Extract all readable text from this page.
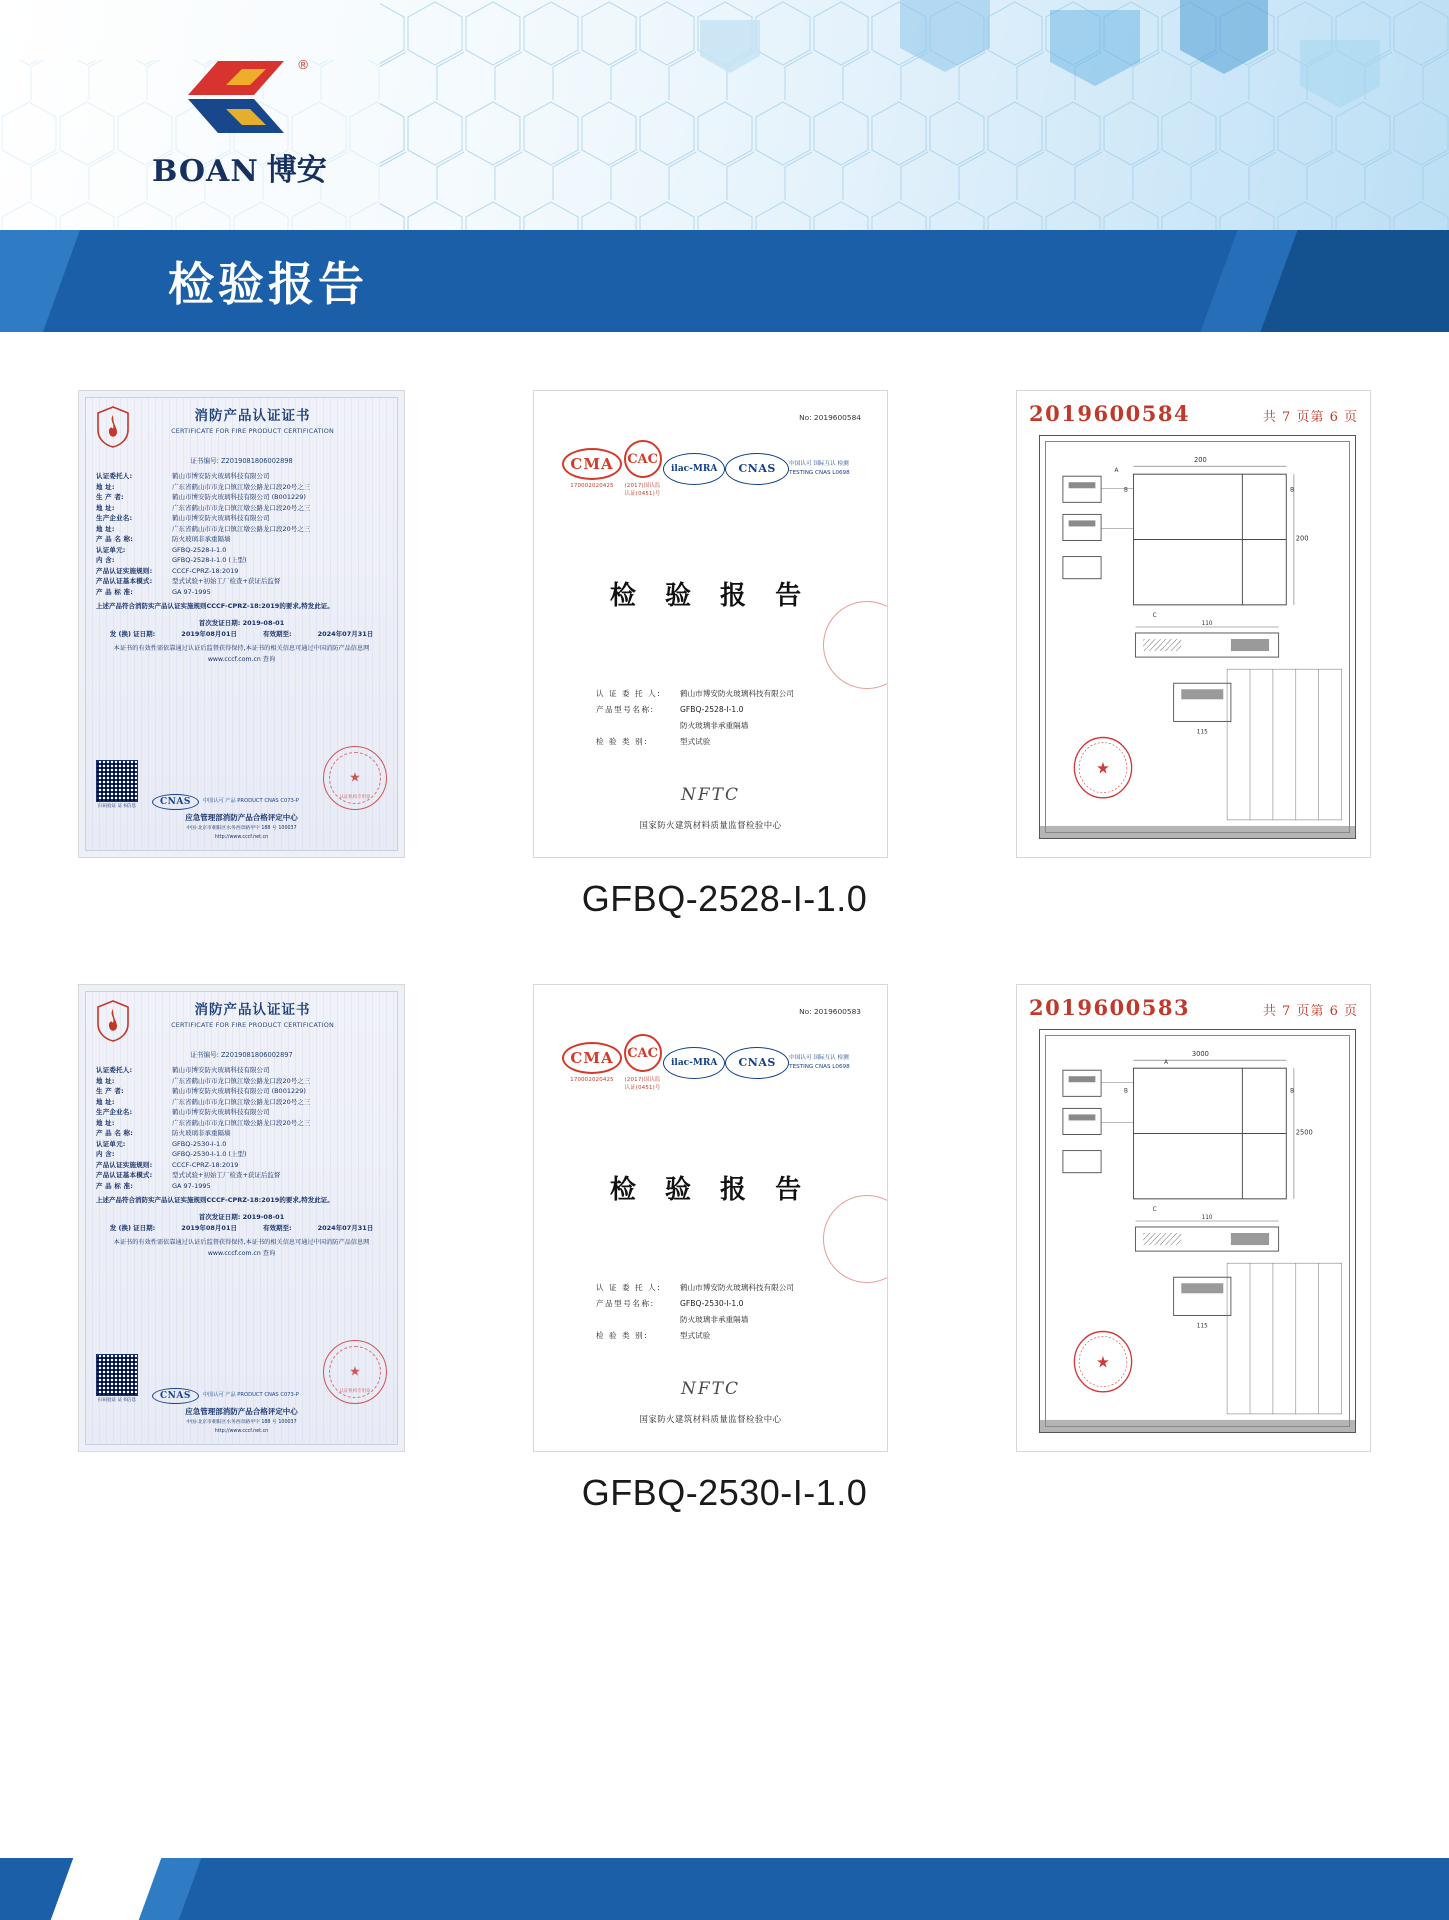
®
BOAN 博安
检验报告
消防产品认证证书
CERTIFICATE FOR FIRE PRODUCT CERTIFICATION
证书编号: Z2019081806002898
认证委托人:	鹤山市博安防火玻璃科技有限公司
地 址:	广东省鹤山市市龙口镇江墩公路龙口段20号之三
生 产 者:	鹤山市博安防火玻璃科技有限公司 (B001229)
地 址:	广东省鹤山市市龙口镇江墩公路龙口段20号之三
生产企业名:	鹤山市博安防火玻璃科技有限公司
地 址:	广东省鹤山市市龙口镇江墩公路龙口段20号之三
产 品 名 称:	防火玻璃非承重隔墙
认证单元:	GFBQ-2528-I-1.0
内 含:	GFBQ-2528-I-1.0 (上型)
产品认证实施规则:	CCCF-CPRZ-18:2019
产品认证基本模式:	型式试验+初始工厂检查+获证后监督
产 品 标 准:	GA 97-1995
上述产品符合消防实产品认证实施规则CCCF-CPRZ-18:2019的要求,特发此证。
首次发证日期: 2019-08-01
发 (换) 证日期:	2019年08月01日	有效期至:	2024年07月31日
本证书的有效性需依靠通过认证后监督获得保持,本证书的相关信息可通过中国消防产品信息网 www.cccf.com.cn 查询
扫码验证 证书信息	CNAS	中国认可 产品 PRODUCT CNAS C073-P
★
认证机构专用章
应急管理部消防产品合格评定中心
中国·北京市朝阳区水务西章路甲字 188 号 100037
http://www.cccf.net.cn
No: 2019600584
CMA
170002020425
CAC
(2017)国认监认证(0451)号
ilac-MRA	CNAS	中国认可 国际互认 检测 TESTING CNAS L0698
检 验 报 告
认 证 委 托 人:	鹤山市博安防火玻璃科技有限公司
产品型号名称:	GFBQ-2528-I-1.0
防火玻璃非承重隔墙
检 验 类 别:	型式试验
NFTC
国家防火建筑材料质量监督检验中心
2019600584	共 7 页第 6 页
200
200
A
B	B
C
110
115
★
GFBQ-2528-I-1.0
消防产品认证证书
CERTIFICATE FOR FIRE PRODUCT CERTIFICATION
证书编号: Z2019081806002897
认证委托人:	鹤山市博安防火玻璃科技有限公司
地 址:	广东省鹤山市市龙口镇江墩公路龙口段20号之三
生 产 者:	鹤山市博安防火玻璃科技有限公司 (B001229)
地 址:	广东省鹤山市市龙口镇江墩公路龙口段20号之三
生产企业名:	鹤山市博安防火玻璃科技有限公司
地 址:	广东省鹤山市市龙口镇江墩公路龙口段20号之三
产 品 名 称:	防火玻璃非承重隔墙
认证单元:	GFBQ-2530-I-1.0
内 含:	GFBQ-2530-I-1.0 (上型)
产品认证实施规则:	CCCF-CPRZ-18:2019
产品认证基本模式:	型式试验+初始工厂检查+获证后监督
产 品 标 准:	GA 97-1995
上述产品符合消防实产品认证实施规则CCCF-CPRZ-18:2019的要求,特发此证。
首次发证日期: 2019-08-01
发 (换) 证日期:	2019年08月01日	有效期至:	2024年07月31日
本证书的有效性需依靠通过认证后监督获得保持,本证书的相关信息可通过中国消防产品信息网 www.cccf.com.cn 查询
扫码验证 证书信息	CNAS	中国认可 产品 PRODUCT CNAS C073-P
★
认证机构专用章
应急管理部消防产品合格评定中心
中国·北京市朝阳区水务西章路甲字 188 号 100037
http://www.cccf.net.cn
No: 2019600583
CMA
170002020425
CAC
(2017)国认监认证(0451)号
ilac-MRA	CNAS	中国认可 国际互认 检测 TESTING CNAS L0698
检 验 报 告
认 证 委 托 人:	鹤山市博安防火玻璃科技有限公司
产品型号名称:	GFBQ-2530-I-1.0
防火玻璃非承重隔墙
检 验 类 别:	型式试验
NFTC
国家防火建筑材料质量监督检验中心
2019600583	共 7 页第 6 页
3000
2500
A
B	B
C
110
115
★
GFBQ-2530-I-1.0
